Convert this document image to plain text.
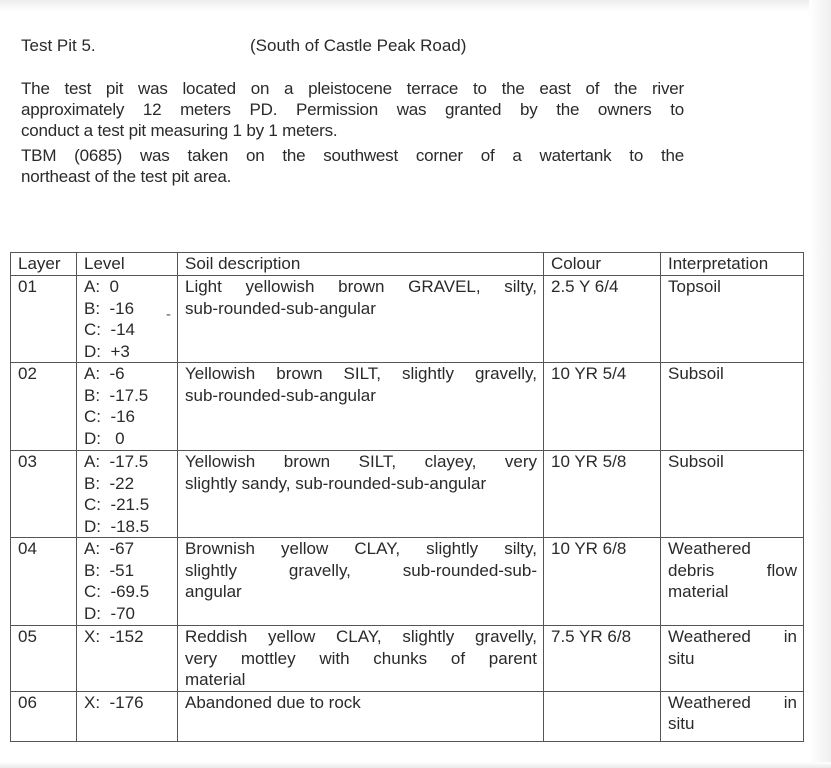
Test Pit 5.	(South of Castle Peak Road)
The test pit was located on a pleistocene terrace to the east of the river
approximately 12 meters PD. Permission was granted by the owners to
conduct a test pit measuring 1 by 1 meters.
TBM (0685) was taken on the southwest corner of a watertank to the
northeast of the test pit area.
Layer	Level	Soil description	Colour	Interpretation
01	A:  0
B:  -16
C:  -14
D:  +3	Light yellowish brown GRAVEL, silty,
sub-rounded-sub-angular	2.5 Y 6/4	Topsoil

02	A:  -6
B:  -17.5
C:  -16
D:   0	Yellowish brown SILT, slightly gravelly,
sub-rounded-sub-angular	10 YR 5/4	Subsoil

03	A:  -17.5
B:  -22
C:  -21.5
D:  -18.5	Yellowish brown SILT, clayey, very
slightly sandy, sub-rounded-sub-angular	10 YR 5/8	Subsoil

04	A:  -67
B:  -51
C:  -69.5
D:  -70	Brownish yellow CLAY, slightly silty,
slightly gravelly, sub-rounded-sub-
angular	10 YR 6/8	Weathered
debris flow
material

05	X:  -152	Reddish yellow CLAY, slightly gravelly,
very mottley with chunks of parent
material	7.5 YR 6/8	Weathered in
situ

06	X:  -176	Abandoned due to rock		Weathered in
situ
-
